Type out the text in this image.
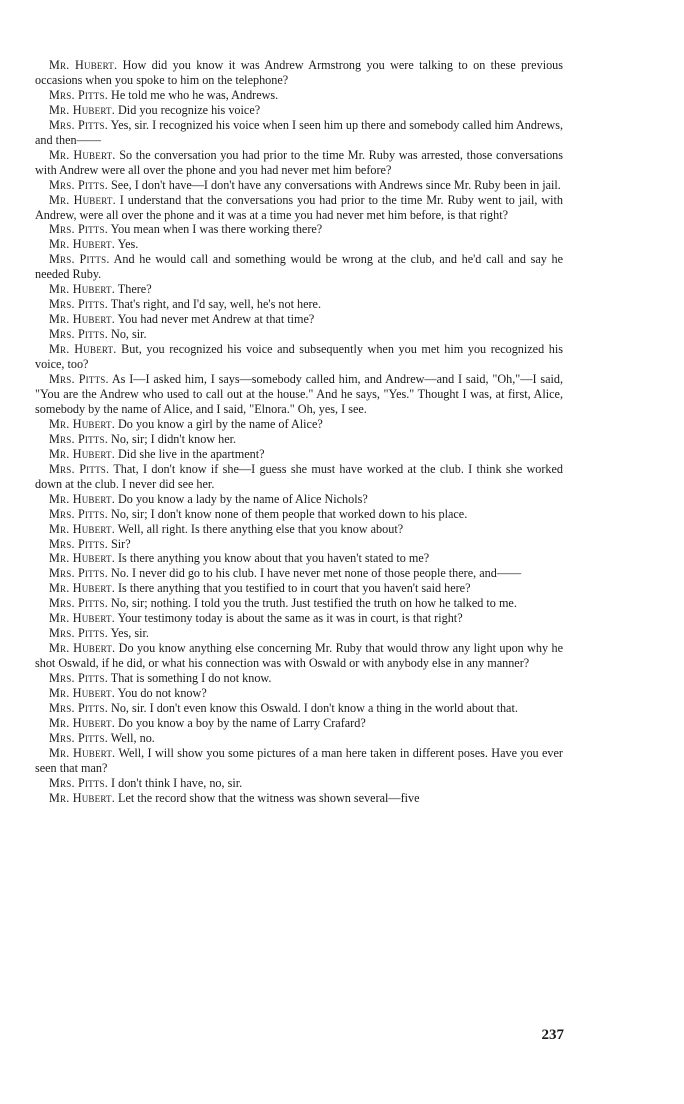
Mr. Hubert. How did you know it was Andrew Armstrong you were talking to on these previous occasions when you spoke to him on the telephone?

Mrs. Pitts. He told me who he was, Andrews.

Mr. Hubert. Did you recognize his voice?

Mrs. Pitts. Yes, sir. I recognized his voice when I seen him up there and somebody called him Andrews, and then——

Mr. Hubert. So the conversation you had prior to the time Mr. Ruby was arrested, those conversations with Andrew were all over the phone and you had never met him before?

Mrs. Pitts. See, I don't have—I don't have any conversations with Andrews since Mr. Ruby been in jail.

Mr. Hubert. I understand that the conversations you had prior to the time Mr. Ruby went to jail, with Andrew, were all over the phone and it was at a time you had never met him before, is that right?

Mrs. Pitts. You mean when I was there working there?

Mr. Hubert. Yes.

Mrs. Pitts. And he would call and something would be wrong at the club, and he'd call and say he needed Ruby.

Mr. Hubert. There?

Mrs. Pitts. That's right, and I'd say, well, he's not here.

Mr. Hubert. You had never met Andrew at that time?

Mrs. Pitts. No, sir.

Mr. Hubert. But, you recognized his voice and subsequently when you met him you recognized his voice, too?

Mrs. Pitts. As I—I asked him, I says—somebody called him, and Andrew—and I said, "Oh,"—I said, "You are the Andrew who used to call out at the house." And he says, "Yes." Thought I was, at first, Alice, somebody by the name of Alice, and I said, "Elnora." Oh, yes, I see.

Mr. Hubert. Do you know a girl by the name of Alice?

Mrs. Pitts. No, sir; I didn't know her.

Mr. Hubert. Did she live in the apartment?

Mrs. Pitts. That, I don't know if she—I guess she must have worked at the club. I think she worked down at the club. I never did see her.

Mr. Hubert. Do you know a lady by the name of Alice Nichols?

Mrs. Pitts. No, sir; I don't know none of them people that worked down to his place.

Mr. Hubert. Well, all right. Is there anything else that you know about?

Mrs. Pitts. Sir?

Mr. Hubert. Is there anything you know about that you haven't stated to me?

Mrs. Pitts. No. I never did go to his club. I have never met none of those people there, and——

Mr. Hubert. Is there anything that you testified to in court that you haven't said here?

Mrs. Pitts. No, sir; nothing. I told you the truth. Just testified the truth on how he talked to me.

Mr. Hubert. Your testimony today is about the same as it was in court, is that right?

Mrs. Pitts. Yes, sir.

Mr. Hubert. Do you know anything else concerning Mr. Ruby that would throw any light upon why he shot Oswald, if he did, or what his connection was with Oswald or with anybody else in any manner?

Mrs. Pitts. That is something I do not know.

Mr. Hubert. You do not know?

Mrs. Pitts. No, sir. I don't even know this Oswald. I don't know a thing in the world about that.

Mr. Hubert. Do you know a boy by the name of Larry Crafard?

Mrs. Pitts. Well, no.

Mr. Hubert. Well, I will show you some pictures of a man here taken in different poses. Have you ever seen that man?

Mrs. Pitts. I don't think I have, no, sir.

Mr. Hubert. Let the record show that the witness was shown several—five

237
